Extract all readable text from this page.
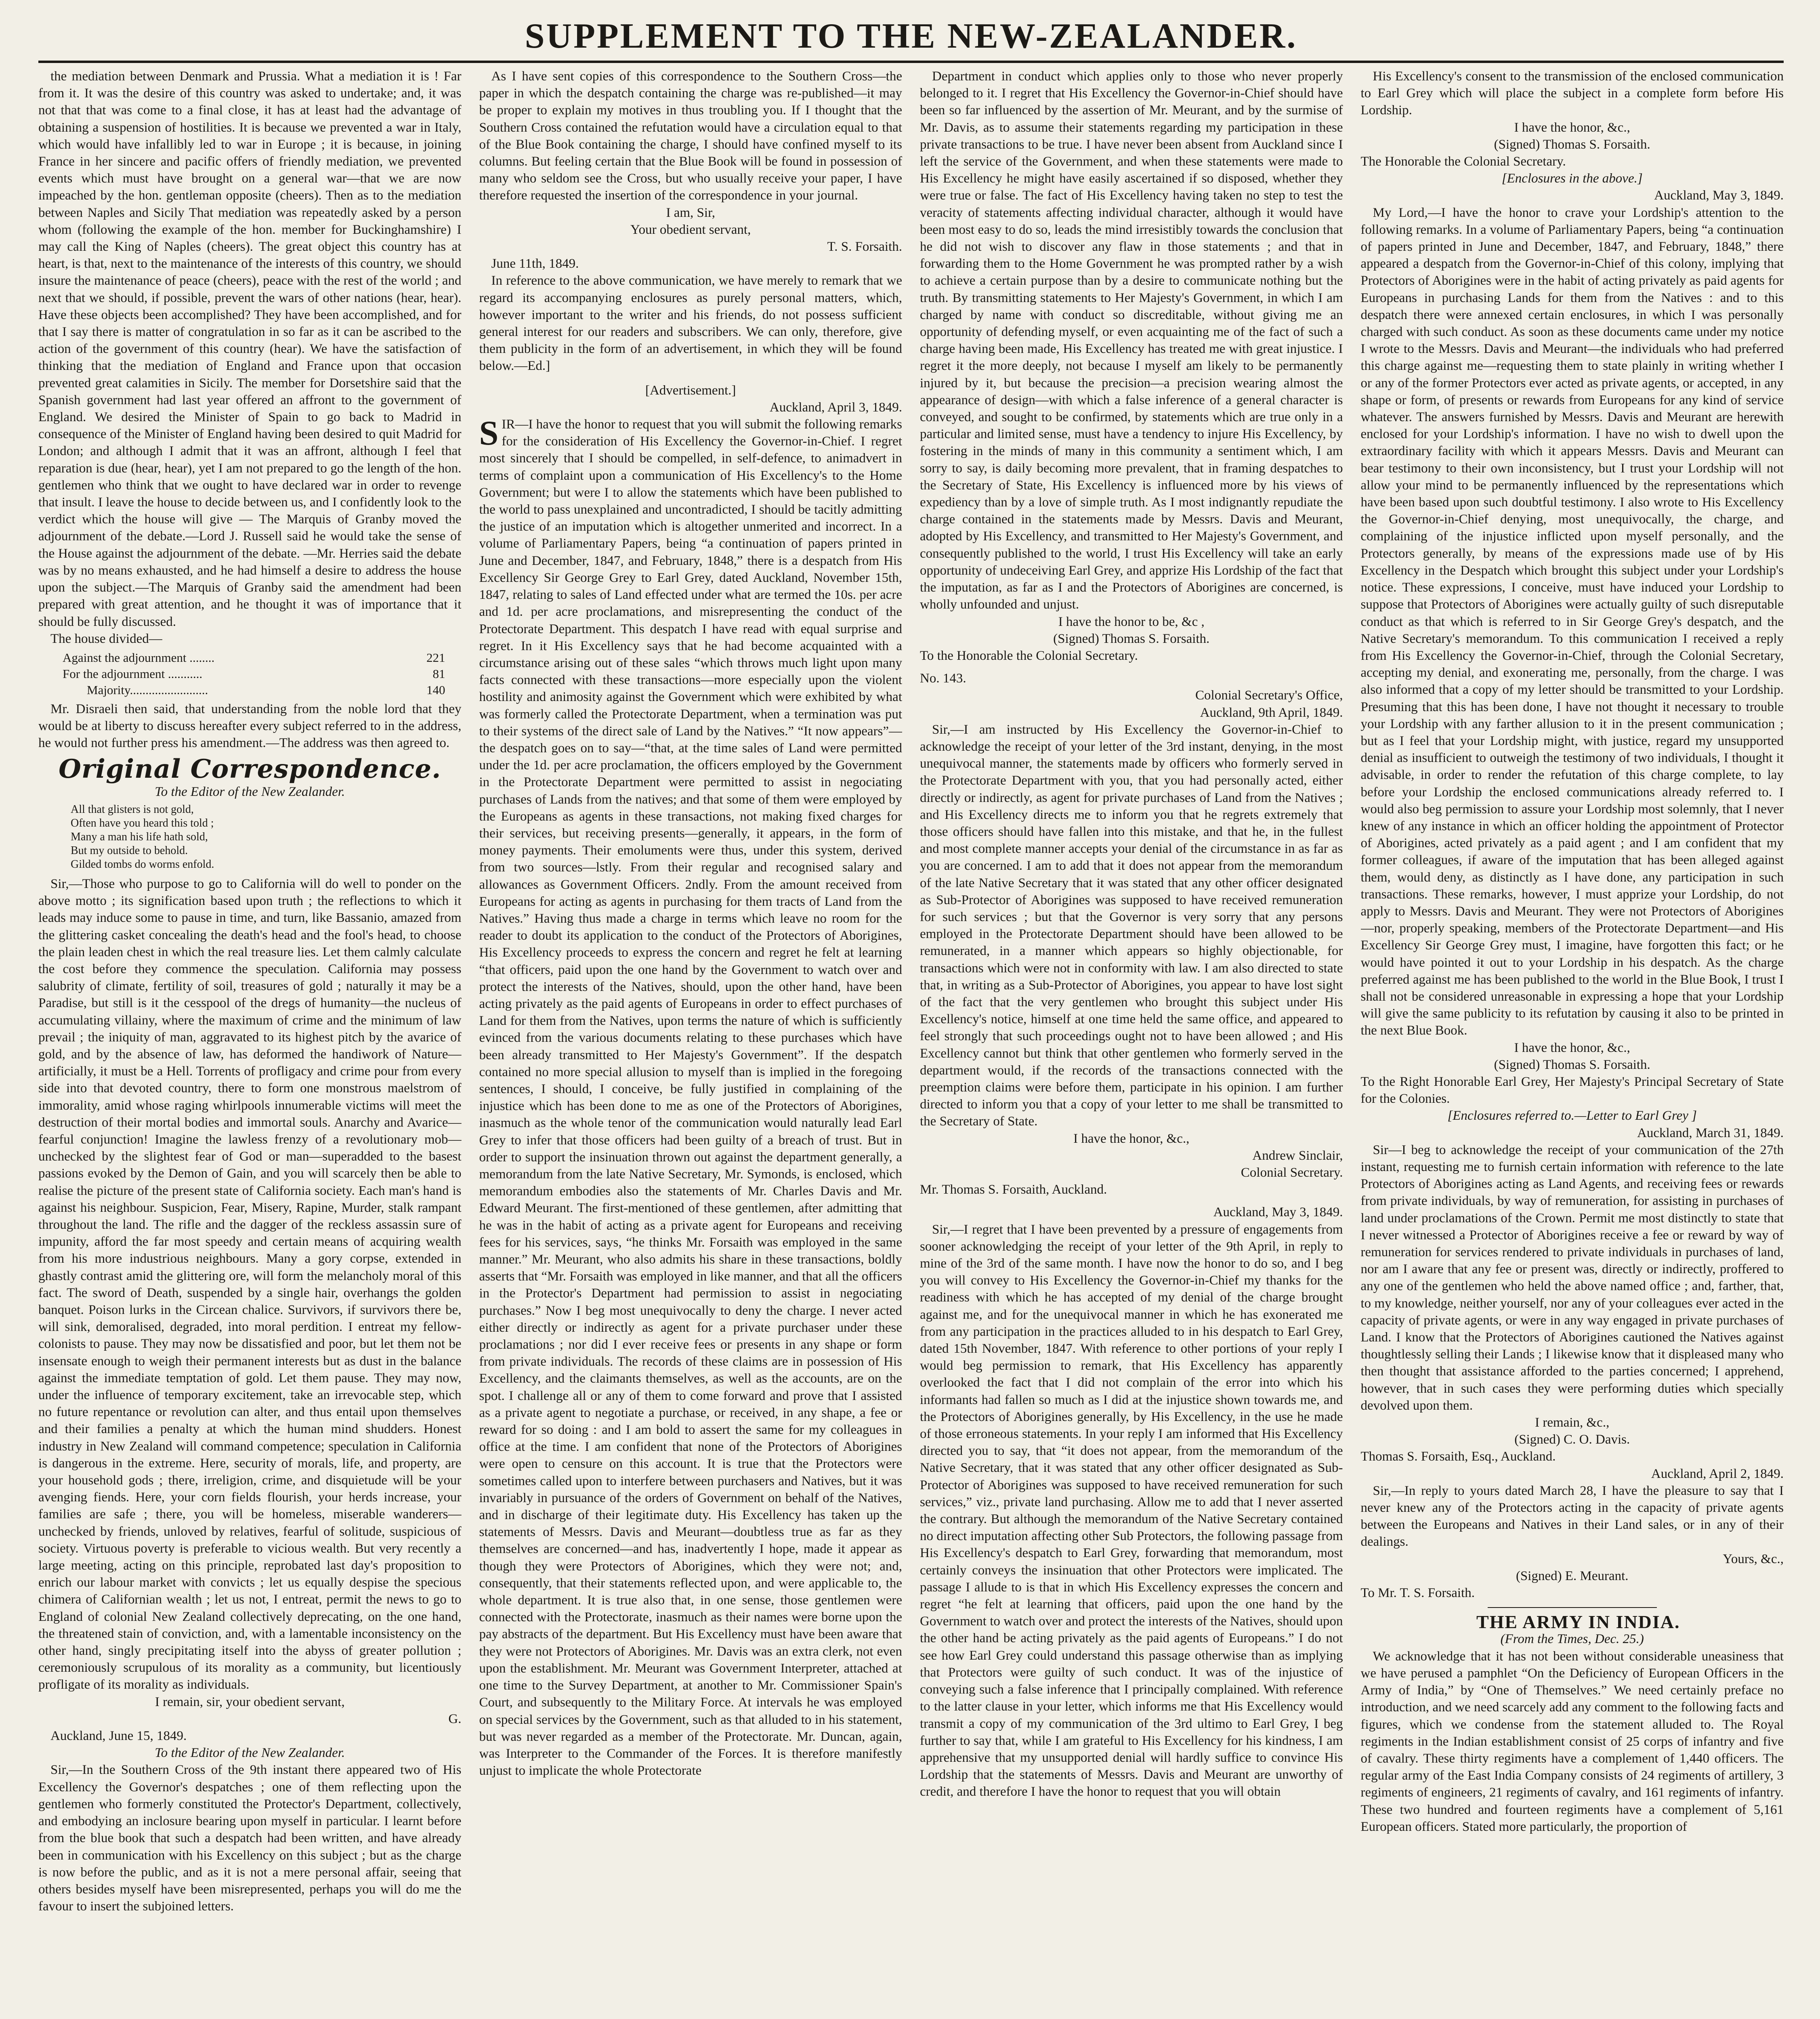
SUPPLEMENT TO THE NEW-ZEALANDER.

the mediation between Denmark and Prussia. What a mediation it is ! Far from it. It was the desire of this country was asked to undertake; and, it was not that that was come to a final close, it has at least had the advantage of obtaining a suspension of hostilities. It is because we prevented a war in Italy, which would have infallibly led to war in Europe ; it is because, in joining France in her sincere and pacific offers of friendly mediation, we prevented events which must have brought on a general war—that we are now impeached by the hon. gentleman opposite (cheers). Then as to the mediation between Naples and Sicily That mediation was repeatedly asked by a person whom (following the example of the hon. member for Buckinghamshire) I may call the King of Naples (cheers). The great object this country has at heart, is that, next to the maintenance of the interests of this country, we should insure the maintenance of peace (cheers), peace with the rest of the world ; and next that we should, if possible, prevent the wars of other nations (hear, hear). Have these objects been accomplished? They have been accomplished, and for that I say there is matter of congratulation in so far as it can be ascribed to the action of the government of this country (hear). We have the satisfaction of thinking that the mediation of England and France upon that occasion prevented great calamities in Sicily. The member for Dorsetshire said that the Spanish government had last year offered an affront to the government of England. We desired the Minister of Spain to go back to Madrid in consequence of the Minister of England having been desired to quit Madrid for London; and although I admit that it was an affront, although I feel that reparation is due (hear, hear), yet I am not prepared to go the length of the hon. gentlemen who think that we ought to have declared war in order to revenge that insult. I leave the house to decide between us, and I confidently look to the verdict which the house will give — The Marquis of Granby moved the adjournment of the debate.—Lord J. Russell said he would take the sense of the House against the adjournment of the debate. —Mr. Herries said the debate was by no means exhausted, and he had himself a desire to address the house upon the subject.—The Marquis of Granby said the amendment had been prepared with great attention, and he thought it was of importance that it should be fully discussed.

The house divided—

Against the adjournment ........	221
For the adjournment ...........	81
Majority.........................	140

Mr. Disraeli then said, that understanding from the noble lord that they would be at liberty to discuss hereafter every subject referred to in the address, he would not further press his amendment.—The address was then agreed to.

Original Correspondence.

To the Editor of the New Zealander.

All that glisters is not gold,
Often have you heard this told ;
Many a man his life hath sold,
But my outside to behold.
Gilded tombs do worms enfold.

Sir,—Those who purpose to go to California will do well to ponder on the above motto ; its signification based upon truth ; the reflections to which it leads may induce some to pause in time, and turn, like Bassanio, amazed from the glittering casket concealing the death's head and the fool's head, to choose the plain leaden chest in which the real treasure lies. Let them calmly calculate the cost before they commence the speculation. California may possess salubrity of climate, fertility of soil, treasures of gold ; naturally it may be a Paradise, but still is it the cesspool of the dregs of humanity—the nucleus of accumulating villainy, where the maximum of crime and the minimum of law prevail ; the iniquity of man, aggravated to its highest pitch by the avarice of gold, and by the absence of law, has deformed the handiwork of Nature—artificially, it must be a Hell. Torrents of profligacy and crime pour from every side into that devoted country, there to form one monstrous maelstrom of immorality, amid whose raging whirlpools innumerable victims will meet the destruction of their mortal bodies and immortal souls. Anarchy and Avarice—fearful conjunction! Imagine the lawless frenzy of a revolutionary mob—unchecked by the slightest fear of God or man—superadded to the basest passions evoked by the Demon of Gain, and you will scarcely then be able to realise the picture of the present state of California society. Each man's hand is against his neighbour. Suspicion, Fear, Misery, Rapine, Murder, stalk rampant throughout the land. The rifle and the dagger of the reckless assassin sure of impunity, afford the far most speedy and certain means of acquiring wealth from his more industrious neighbours. Many a gory corpse, extended in ghastly contrast amid the glittering ore, will form the melancholy moral of this fact. The sword of Death, suspended by a single hair, overhangs the golden banquet. Poison lurks in the Circean chalice. Survivors, if survivors there be, will sink, demoralised, degraded, into moral perdition. I entreat my fellow-colonists to pause. They may now be dissatisfied and poor, but let them not be insensate enough to weigh their permanent interests but as dust in the balance against the immediate temptation of gold. Let them pause. They may now, under the influence of temporary excitement, take an irrevocable step, which no future repentance or revolution can alter, and thus entail upon themselves and their families a penalty at which the human mind shudders. Honest industry in New Zealand will command competence; speculation in California is dangerous in the extreme. Here, security of morals, life, and property, are your household gods ; there, irreligion, crime, and disquietude will be your avenging fiends. Here, your corn fields flourish, your herds increase, your families are safe ; there, you will be homeless, miserable wanderers—unchecked by friends, unloved by relatives, fearful of solitude, suspicious of society. Virtuous poverty is preferable to vicious wealth. But very recently a large meeting, acting on this principle, reprobated last day's proposition to enrich our labour market with convicts ; let us equally despise the specious chimera of Californian wealth ; let us not, I entreat, permit the news to go to England of colonial New Zealand collectively deprecating, on the one hand, the threatened stain of conviction, and, with a lamentable inconsistency on the other hand, singly precipitating itself into the abyss of greater pollution ; ceremoniously scrupulous of its morality as a community, but licentiously profligate of its morality as individuals.

I remain, sir, your obedient servant,

G.

Auckland, June 15, 1849.

To the Editor of the New Zealander.

Sir,—In the Southern Cross of the 9th instant there appeared two of His Excellency the Governor's despatches ; one of them reflecting upon the gentlemen who formerly constituted the Protector's Department, collectively, and embodying an inclosure bearing upon myself in particular. I learnt before from the blue book that such a despatch had been written, and have already been in communication with his Excellency on this subject ; but as the charge is now before the public, and as it is not a mere personal affair, seeing that others besides myself have been misrepresented, perhaps you will do me the favour to insert the subjoined letters.

As I have sent copies of this correspondence to the Southern Cross—the paper in which the despatch containing the charge was re-published—it may be proper to explain my motives in thus troubling you. If I thought that the Southern Cross contained the refutation would have a circulation equal to that of the Blue Book containing the charge, I should have confined myself to its columns. But feeling certain that the Blue Book will be found in possession of many who seldom see the Cross, but who usually receive your paper, I have therefore requested the insertion of the correspondence in your journal.

I am, Sir,

Your obedient servant,

T. S. Forsaith.

June 11th, 1849.

In reference to the above communication, we have merely to remark that we regard its accompanying enclosures as purely personal matters, which, however important to the writer and his friends, do not possess sufficient general interest for our readers and subscribers. We can only, therefore, give them publicity in the form of an advertisement, in which they will be found below.—Ed.]

[Advertisement.]

Auckland, April 3, 1849.

SIR—I have the honor to request that you will submit the following remarks for the consideration of His Excellency the Governor-in-Chief. I regret most sincerely that I should be compelled, in self-defence, to animadvert in terms of complaint upon a communication of His Excellency's to the Home Government; but were I to allow the statements which have been published to the world to pass unexplained and uncontradicted, I should be tacitly admitting the justice of an imputation which is altogether unmerited and incorrect. In a volume of Parliamentary Papers, being “a continuation of papers printed in June and December, 1847, and February, 1848,” there is a despatch from His Excellency Sir George Grey to Earl Grey, dated Auckland, November 15th, 1847, relating to sales of Land effected under what are termed the 10s. per acre and 1d. per acre proclamations, and misrepresenting the conduct of the Protectorate Department. This despatch I have read with equal surprise and regret. In it His Excellency says that he had become acquainted with a circumstance arising out of these sales “which throws much light upon many facts connected with these transactions—more especially upon the violent hostility and animosity against the Government which were exhibited by what was formerly called the Protectorate Department, when a termination was put to their systems of the direct sale of Land by the Natives.” “It now appears”—the despatch goes on to say—“that, at the time sales of Land were permitted under the 1d. per acre proclamation, the officers employed by the Government in the Protectorate Department were permitted to assist in negociating purchases of Lands from the natives; and that some of them were employed by the Europeans as agents in these transactions, not making fixed charges for their services, but receiving presents—generally, it appears, in the form of money payments. Their emoluments were thus, under this system, derived from two sources—lstly. From their regular and recognised salary and allowances as Government Officers. 2ndly. From the amount received from Europeans for acting as agents in purchasing for them tracts of Land from the Natives.” Having thus made a charge in terms which leave no room for the reader to doubt its application to the conduct of the Protectors of Aborigines, His Excellency proceeds to express the concern and regret he felt at learning “that officers, paid upon the one hand by the Government to watch over and protect the interests of the Natives, should, upon the other hand, have been acting privately as the paid agents of Europeans in order to effect purchases of Land for them from the Natives, upon terms the nature of which is sufficiently evinced from the various documents relating to these purchases which have been already transmitted to Her Majesty's Government”. If the despatch contained no more special allusion to myself than is implied in the foregoing sentences, I should, I conceive, be fully justified in complaining of the injustice which has been done to me as one of the Protectors of Aborigines, inasmuch as the whole tenor of the communication would naturally lead Earl Grey to infer that those officers had been guilty of a breach of trust. But in order to support the insinuation thrown out against the department generally, a memorandum from the late Native Secretary, Mr. Symonds, is enclosed, which memorandum embodies also the statements of Mr. Charles Davis and Mr. Edward Meurant. The first-mentioned of these gentlemen, after admitting that he was in the habit of acting as a private agent for Europeans and receiving fees for his services, says, “he thinks Mr. Forsaith was employed in the same manner.” Mr. Meurant, who also admits his share in these transactions, boldly asserts that “Mr. Forsaith was employed in like manner, and that all the officers in the Protector's Department had permission to assist in negociating purchases.” Now I beg most unequivocally to deny the charge. I never acted either directly or indirectly as agent for a private purchaser under these proclamations ; nor did I ever receive fees or presents in any shape or form from private individuals. The records of these claims are in possession of His Excellency, and the claimants themselves, as well as the accounts, are on the spot. I challenge all or any of them to come forward and prove that I assisted as a private agent to negotiate a purchase, or received, in any shape, a fee or reward for so doing : and I am bold to assert the same for my colleagues in office at the time. I am confident that none of the Protectors of Aborigines were open to censure on this account. It is true that the Protectors were sometimes called upon to interfere between purchasers and Natives, but it was invariably in pursuance of the orders of Government on behalf of the Natives, and in discharge of their legitimate duty. His Excellency has taken up the statements of Messrs. Davis and Meurant—doubtless true as far as they themselves are concerned—and has, inadvertently I hope, made it appear as though they were Protectors of Aborigines, which they were not; and, consequently, that their statements reflected upon, and were applicable to, the whole department. It is true also that, in one sense, those gentlemen were connected with the Protectorate, inasmuch as their names were borne upon the pay abstracts of the department. But His Excellency must have been aware that they were not Protectors of Aborigines. Mr. Davis was an extra clerk, not even upon the establishment. Mr. Meurant was Government Interpreter, attached at one time to the Survey Department, at another to Mr. Commissioner Spain's Court, and subsequently to the Military Force. At intervals he was employed on special services by the Government, such as that alluded to in his statement, but was never regarded as a member of the Protectorate. Mr. Duncan, again, was Interpreter to the Commander of the Forces. It is therefore manifestly unjust to implicate the whole Protectorate

Department in conduct which applies only to those who never properly belonged to it. I regret that His Excellency the Governor-in-Chief should have been so far influenced by the assertion of Mr. Meurant, and by the surmise of Mr. Davis, as to assume their statements regarding my participation in these private transactions to be true. I have never been absent from Auckland since I left the service of the Government, and when these statements were made to His Excellency he might have easily ascertained if so disposed, whether they were true or false. The fact of His Excellency having taken no step to test the veracity of statements affecting individual character, although it would have been most easy to do so, leads the mind irresistibly towards the conclusion that he did not wish to discover any flaw in those statements ; and that in forwarding them to the Home Government he was prompted rather by a wish to achieve a certain purpose than by a desire to communicate nothing but the truth. By transmitting statements to Her Majesty's Government, in which I am charged by name with conduct so discreditable, without giving me an opportunity of defending myself, or even acquainting me of the fact of such a charge having been made, His Excellency has treated me with great injustice. I regret it the more deeply, not because I myself am likely to be permanently injured by it, but because the precision—a precision wearing almost the appearance of design—with which a false inference of a general character is conveyed, and sought to be confirmed, by statements which are true only in a particular and limited sense, must have a tendency to injure His Excellency, by fostering in the minds of many in this community a sentiment which, I am sorry to say, is daily becoming more prevalent, that in framing despatches to the Secretary of State, His Excellency is influenced more by his views of expediency than by a love of simple truth. As I most indignantly repudiate the charge contained in the statements made by Messrs. Davis and Meurant, adopted by His Excellency, and transmitted to Her Majesty's Government, and consequently published to the world, I trust His Excellency will take an early opportunity of undeceiving Earl Grey, and apprize His Lordship of the fact that the imputation, as far as I and the Protectors of Aborigines are concerned, is wholly unfounded and unjust.

I have the honor to be, &c ,

(Signed) Thomas S. Forsaith.

To the Honorable the Colonial Secretary.

No. 143.

Colonial Secretary's Office,

Auckland, 9th April, 1849.

Sir,—I am instructed by His Excellency the Governor-in-Chief to acknowledge the receipt of your letter of the 3rd instant, denying, in the most unequivocal manner, the statements made by officers who formerly served in the Protectorate Department with you, that you had personally acted, either directly or indirectly, as agent for private purchases of Land from the Natives ; and His Excellency directs me to inform you that he regrets extremely that those officers should have fallen into this mistake, and that he, in the fullest and most complete manner accepts your denial of the circumstance in as far as you are concerned. I am to add that it does not appear from the memorandum of the late Native Secretary that it was stated that any other officer designated as Sub-Protector of Aborigines was supposed to have received remuneration for such services ; but that the Governor is very sorry that any persons employed in the Protectorate Department should have been allowed to be remunerated, in a manner which appears so highly objectionable, for transactions which were not in conformity with law. I am also directed to state that, in writing as a Sub-Protector of Aborigines, you appear to have lost sight of the fact that the very gentlemen who brought this subject under His Excellency's notice, himself at one time held the same office, and appeared to feel strongly that such proceedings ought not to have been allowed ; and His Excellency cannot but think that other gentlemen who formerly served in the department would, if the records of the transactions connected with the preemption claims were before them, participate in his opinion. I am further directed to inform you that a copy of your letter to me shall be transmitted to the Secretary of State.

I have the honor, &c.,

Andrew Sinclair,

Colonial Secretary.

Mr. Thomas S. Forsaith, Auckland.

Auckland, May 3, 1849.

Sir,—I regret that I have been prevented by a pressure of engagements from sooner acknowledging the receipt of your letter of the 9th April, in reply to mine of the 3rd of the same month. I have now the honor to do so, and I beg you will convey to His Excellency the Governor-in-Chief my thanks for the readiness with which he has accepted of my denial of the charge brought against me, and for the unequivocal manner in which he has exonerated me from any participation in the practices alluded to in his despatch to Earl Grey, dated 15th November, 1847. With reference to other portions of your reply I would beg permission to remark, that His Excellency has apparently overlooked the fact that I did not complain of the error into which his informants had fallen so much as I did at the injustice shown towards me, and the Protectors of Aborigines generally, by His Excellency, in the use he made of those erroneous statements. In your reply I am informed that His Excellency directed you to say, that “it does not appear, from the memorandum of the Native Secretary, that it was stated that any other officer designated as Sub-Protector of Aborigines was supposed to have received remuneration for such services,” viz., private land purchasing. Allow me to add that I never asserted the contrary. But although the memorandum of the Native Secretary contained no direct imputation affecting other Sub Protectors, the following passage from His Excellency's despatch to Earl Grey, forwarding that memorandum, most certainly conveys the insinuation that other Protectors were implicated. The passage I allude to is that in which His Excellency expresses the concern and regret “he felt at learning that officers, paid upon the one hand by the Government to watch over and protect the interests of the Natives, should upon the other hand be acting privately as the paid agents of Europeans.” I do not see how Earl Grey could understand this passage otherwise than as implying that Protectors were guilty of such conduct. It was of the injustice of conveying such a false inference that I principally complained. With reference to the latter clause in your letter, which informs me that His Excellency would transmit a copy of my communication of the 3rd ultimo to Earl Grey, I beg further to say that, while I am grateful to His Excellency for his kindness, I am apprehensive that my unsupported denial will hardly suffice to convince His Lordship that the statements of Messrs. Davis and Meurant are unworthy of credit, and therefore I have the honor to request that you will obtain

His Excellency's consent to the transmission of the enclosed communication to Earl Grey which will place the subject in a complete form before His Lordship.

I have the honor, &c.,

(Signed) Thomas S. Forsaith.

The Honorable the Colonial Secretary.

[Enclosures in the above.]

Auckland, May 3, 1849.

My Lord,—I have the honor to crave your Lordship's attention to the following remarks. In a volume of Parliamentary Papers, being “a continuation of papers printed in June and December, 1847, and February, 1848,” there appeared a despatch from the Governor-in-Chief of this colony, implying that Protectors of Aborigines were in the habit of acting privately as paid agents for Europeans in purchasing Lands for them from the Natives : and to this despatch there were annexed certain enclosures, in which I was personally charged with such conduct. As soon as these documents came under my notice I wrote to the Messrs. Davis and Meurant—the individuals who had preferred this charge against me—requesting them to state plainly in writing whether I or any of the former Protectors ever acted as private agents, or accepted, in any shape or form, of presents or rewards from Europeans for any kind of service whatever. The answers furnished by Messrs. Davis and Meurant are herewith enclosed for your Lordship's information. I have no wish to dwell upon the extraordinary facility with which it appears Messrs. Davis and Meurant can bear testimony to their own inconsistency, but I trust your Lordship will not allow your mind to be permanently influenced by the representations which have been based upon such doubtful testimony. I also wrote to His Excellency the Governor-in-Chief denying, most unequivocally, the charge, and complaining of the injustice inflicted upon myself personally, and the Protectors generally, by means of the expressions made use of by His Excellency in the Despatch which brought this subject under your Lordship's notice. These expressions, I conceive, must have induced your Lordship to suppose that Protectors of Aborigines were actually guilty of such disreputable conduct as that which is referred to in Sir George Grey's despatch, and the Native Secretary's memorandum. To this communication I received a reply from His Excellency the Governor-in-Chief, through the Colonial Secretary, accepting my denial, and exonerating me, personally, from the charge. I was also informed that a copy of my letter should be transmitted to your Lordship. Presuming that this has been done, I have not thought it necessary to trouble your Lordship with any farther allusion to it in the present communication ; but as I feel that your Lordship might, with justice, regard my unsupported denial as insufficient to outweigh the testimony of two individuals, I thought it advisable, in order to render the refutation of this charge complete, to lay before your Lordship the enclosed communications already referred to. I would also beg permission to assure your Lordship most solemnly, that I never knew of any instance in which an officer holding the appointment of Protector of Aborigines, acted privately as a paid agent ; and I am confident that my former colleagues, if aware of the imputation that has been alleged against them, would deny, as distinctly as I have done, any participation in such transactions. These remarks, however, I must apprize your Lordship, do not apply to Messrs. Davis and Meurant. They were not Protectors of Aborigines—nor, properly speaking, members of the Protectorate Department—and His Excellency Sir George Grey must, I imagine, have forgotten this fact; or he would have pointed it out to your Lordship in his despatch. As the charge preferred against me has been published to the world in the Blue Book, I trust I shall not be considered unreasonable in expressing a hope that your Lordship will give the same publicity to its refutation by causing it also to be printed in the next Blue Book.

I have the honor, &c.,

(Signed) Thomas S. Forsaith.

To the Right Honorable Earl Grey, Her Majesty's Principal Secretary of State for the Colonies.

[Enclosures referred to.—Letter to Earl Grey ]

Auckland, March 31, 1849.

Sir—I beg to acknowledge the receipt of your communication of the 27th instant, requesting me to furnish certain information with reference to the late Protectors of Aborigines acting as Land Agents, and receiving fees or rewards from private individuals, by way of remuneration, for assisting in purchases of land under proclamations of the Crown. Permit me most distinctly to state that I never witnessed a Protector of Aborigines receive a fee or reward by way of remuneration for services rendered to private individuals in purchases of land, nor am I aware that any fee or present was, directly or indirectly, proffered to any one of the gentlemen who held the above named office ; and, farther, that, to my knowledge, neither yourself, nor any of your colleagues ever acted in the capacity of private agents, or were in any way engaged in private purchases of Land. I know that the Protectors of Aborigines cautioned the Natives against thoughtlessly selling their Lands ; I likewise know that it displeased many who then thought that assistance afforded to the parties concerned; I apprehend, however, that in such cases they were performing duties which specially devolved upon them.

I remain, &c.,

(Signed) C. O. Davis.

Thomas S. Forsaith, Esq., Auckland.

Auckland, April 2, 1849.

Sir,—In reply to yours dated March 28, I have the pleasure to say that I never knew any of the Protectors acting in the capacity of private agents between the Europeans and Natives in their Land sales, or in any of their dealings.

Yours, &c.,

(Signed) E. Meurant.

To Mr. T. S. Forsaith.

THE ARMY IN INDIA.

(From the Times, Dec. 25.)

We acknowledge that it has not been without considerable uneasiness that we have perused a pamphlet “On the Deficiency of European Officers in the Army of India,” by “One of Themselves.” We need certainly preface no introduction, and we need scarcely add any comment to the following facts and figures, which we condense from the statement alluded to. The Royal regiments in the Indian establishment consist of 25 corps of infantry and five of cavalry. These thirty regiments have a complement of 1,440 officers. The regular army of the East India Company consists of 24 regiments of artillery, 3 regiments of engineers, 21 regiments of cavalry, and 161 regiments of infantry. These two hundred and fourteen regiments have a complement of 5,161 European officers. Stated more particularly, the proportion of
